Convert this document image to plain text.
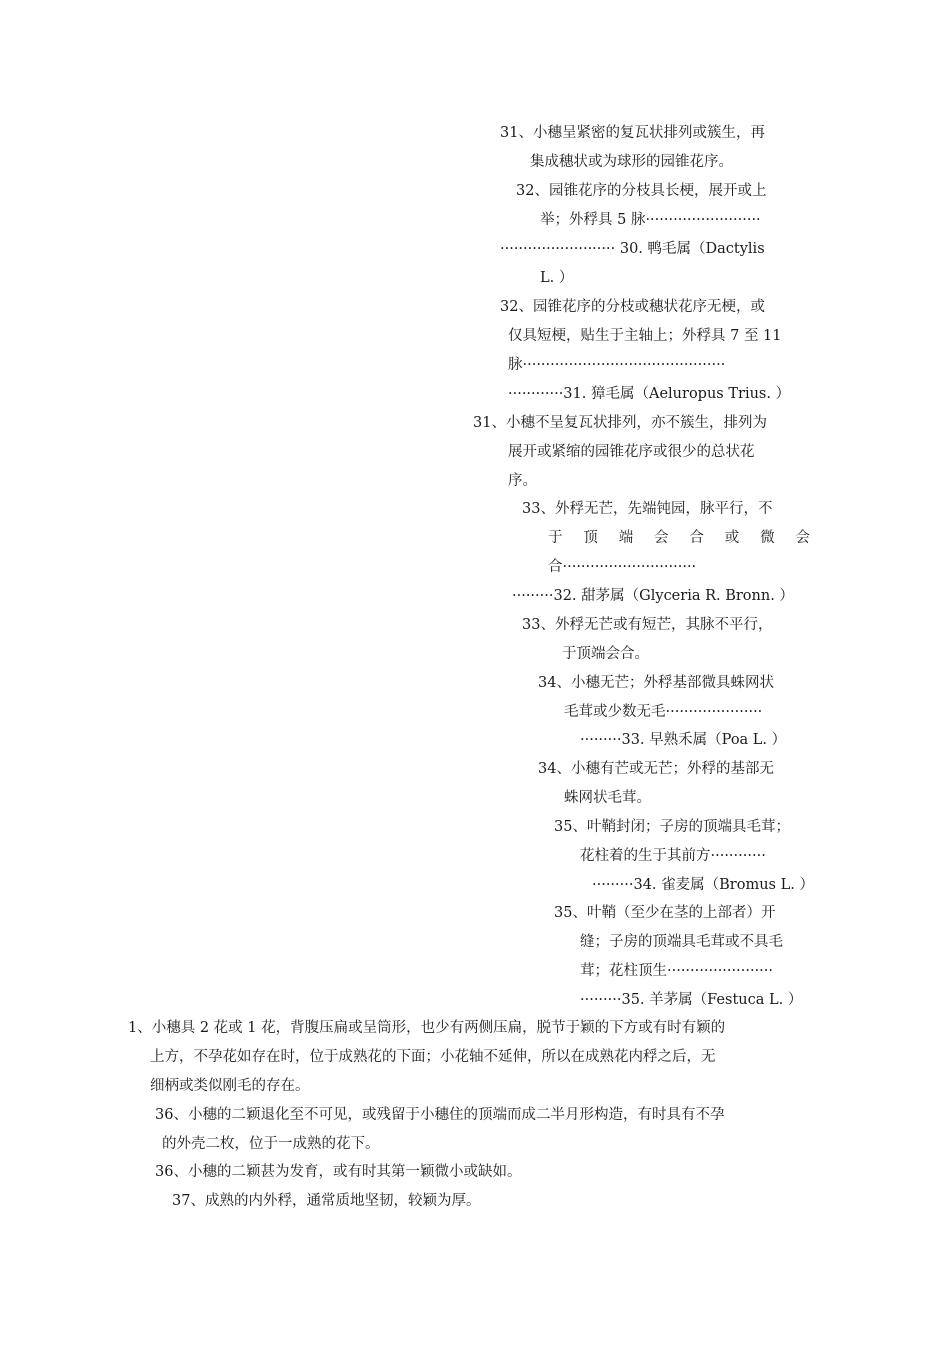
31、小穗呈紧密的复瓦状排列或簇生，再
集成穗状或为球形的园锥花序。
32、园锥花序的分枝具长梗，展开或上
举；外稃具 5 脉·························
························· 30. 鸭毛属（Dactylis
L. ）
32、园锥花序的分枝或穗状花序无梗，或
仅具短梗，贴生于主轴上；外稃具 7 至 11
脉············································
············31. 獐毛属（Aeluropus Trius. ）
31、小穗不呈复瓦状排列，亦不簇生，排列为
展开或紧缩的园锥花序或很少的总状花
序。
33、外稃无芒，先端钝园，脉平行，不
于 顶 端 会 合 或 微 会
合·····························
·········32. 甜茅属（Glyceria R. Bronn. ）
33、外稃无芒或有短芒，其脉不平行，
于顶端会合。
34、小穗无芒；外稃基部微具蛛网状
毛茸或少数无毛·····················
·········33. 早熟禾属（Poa L. ）
34、小穗有芒或无芒；外稃的基部无
蛛网状毛茸。
35、叶鞘封闭；子房的顶端具毛茸；
花柱着的生于其前方············
·········34. 雀麦属（Bromus L. ）
35、叶鞘（至少在茎的上部者）开
缝；子房的顶端具毛茸或不具毛
茸；花柱顶生·······················
·········35. 羊茅属（Festuca L. ）
1、小穗具 2 花或 1 花，背腹压扁或呈筒形，也少有两侧压扁，脱节于颖的下方或有时有颖的
上方，不孕花如存在时，位于成熟花的下面；小花轴不延伸，所以在成熟花内稃之后，无
细柄或类似刚毛的存在。
36、小穗的二颖退化至不可见，或残留于小穗住的顶端而成二半月形构造，有时具有不孕
的外壳二枚，位于一成熟的花下。
36、小穗的二颖甚为发育，或有时其第一颖微小或缺如。
37、成熟的内外稃，通常质地坚韧，较颖为厚。
